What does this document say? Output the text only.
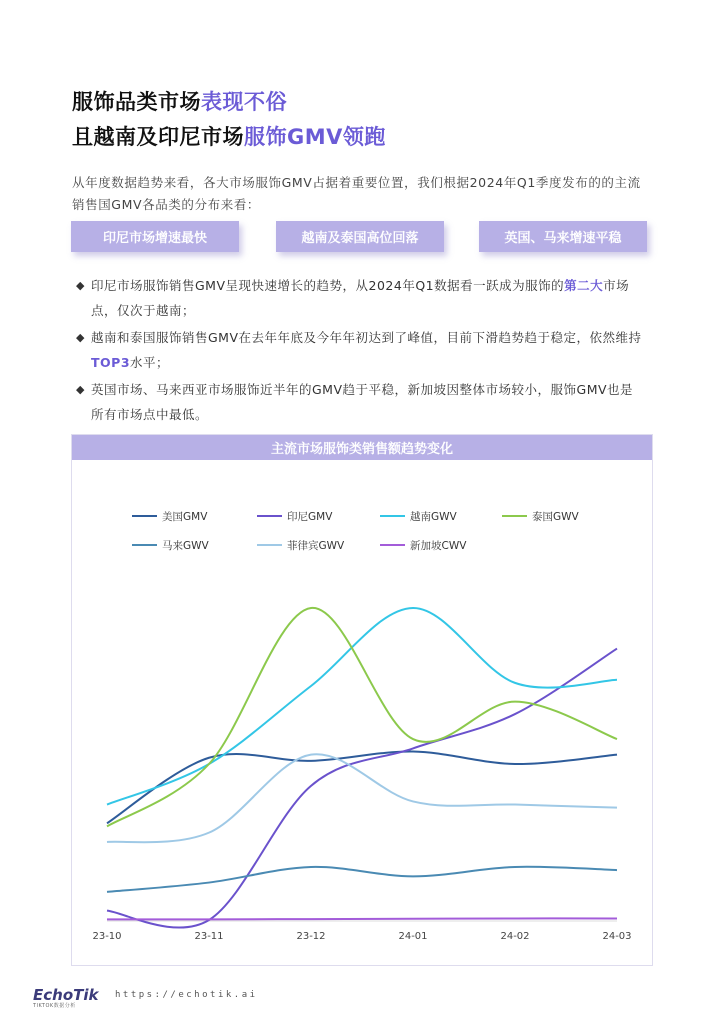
服饰品类市场表现不俗
且越南及印尼市场服饰GMV领跑
从年度数据趋势来看，各大市场服饰GMV占据着重要位置，我们根据2024年Q1季度发布的的主流销售国GMV各品类的分布来看：
印尼市场增速最快	越南及泰国高位回落	英国、马来增速平稳
◆ 印尼市场服饰销售GMV呈现快速增长的趋势，从2024年Q1数据看一跃成为服饰的第二大市场点，仅次于越南；
◆ 越南和泰国服饰销售GMV在去年年底及今年年初达到了峰值，目前下滑趋势趋于稳定，依然维持TOP3水平；
◆ 英国市场、马来西亚市场服饰近半年的GMV趋于平稳，新加坡因整体市场较小，服饰GMV也是所有市场点中最低。
主流市场服饰类销售额趋势变化
23-10	23-11	23-12	24-01	24-02	24-03
美国GMV	印尼GMV	越南GWV	泰国GWV
马来GWV	菲律宾GWV	新加坡CWV
EchoTik
TIKTOK数据分析
https://echotik.ai
